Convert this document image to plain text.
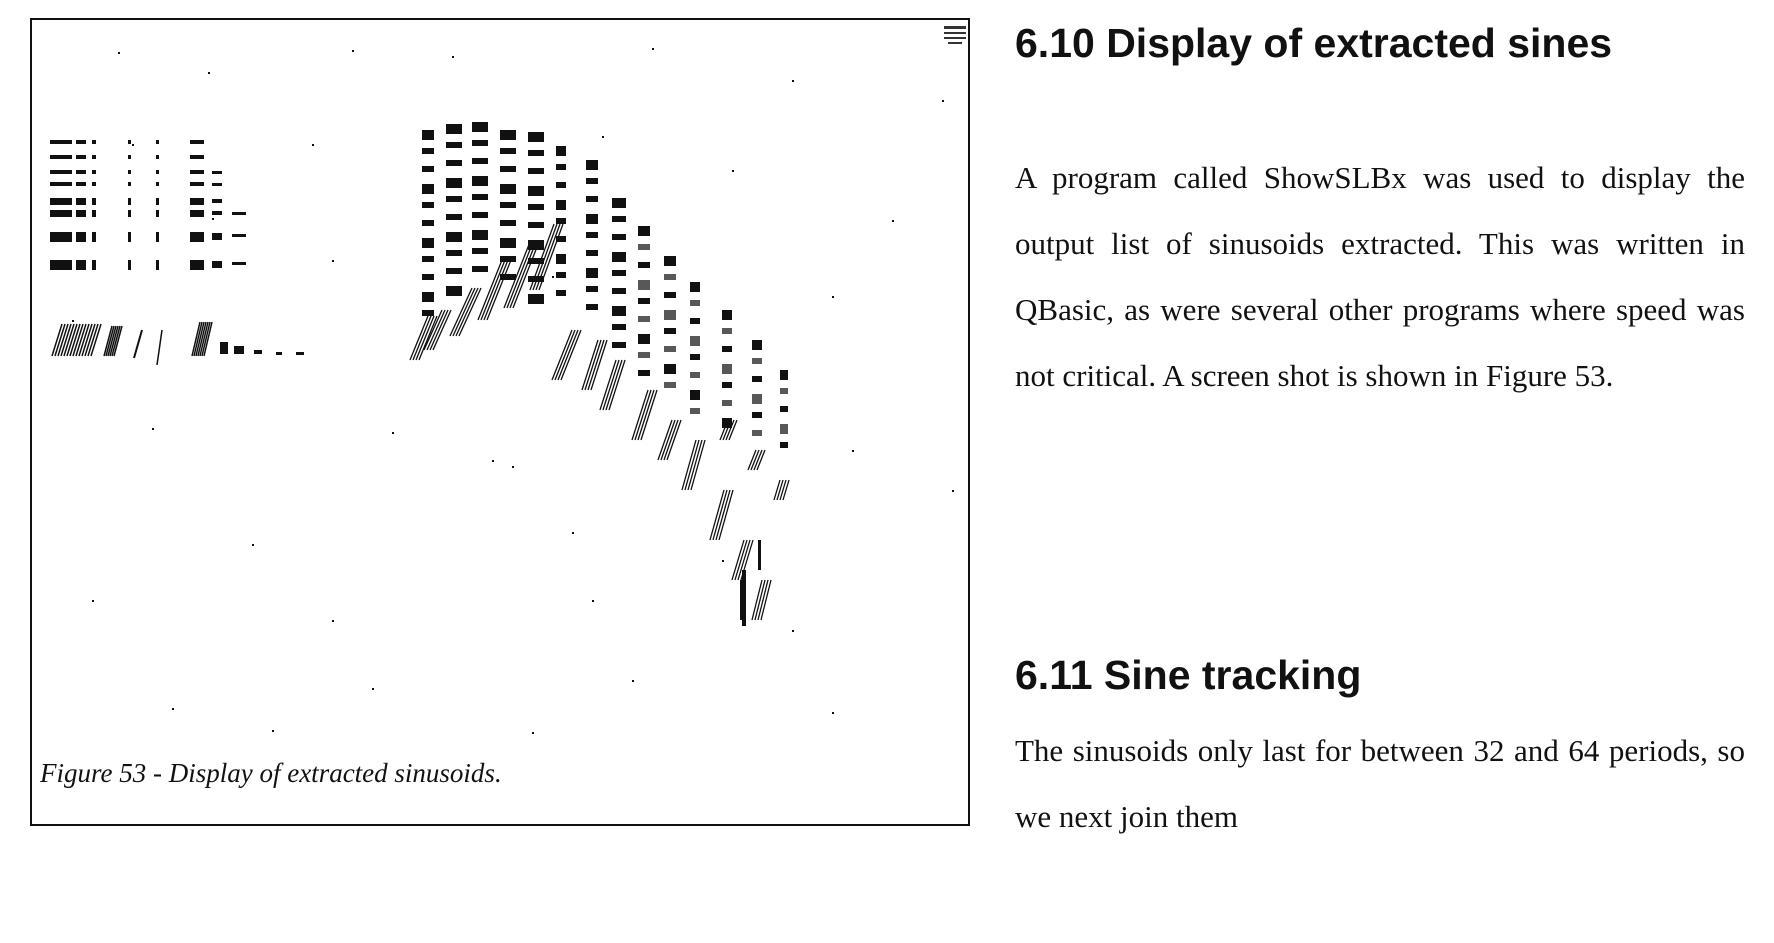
Figure 53 - Display of extracted sinusoids.
6.10 Display of extracted sines
A program called ShowSLBx was used to display the output list of sinusoids extracted. This was written in QBasic, as were several other programs where speed was not critical. A screen shot is shown in Figure 53.
6.11 Sine tracking
The sinusoids only last for between 32 and 64 periods, so we next join them
